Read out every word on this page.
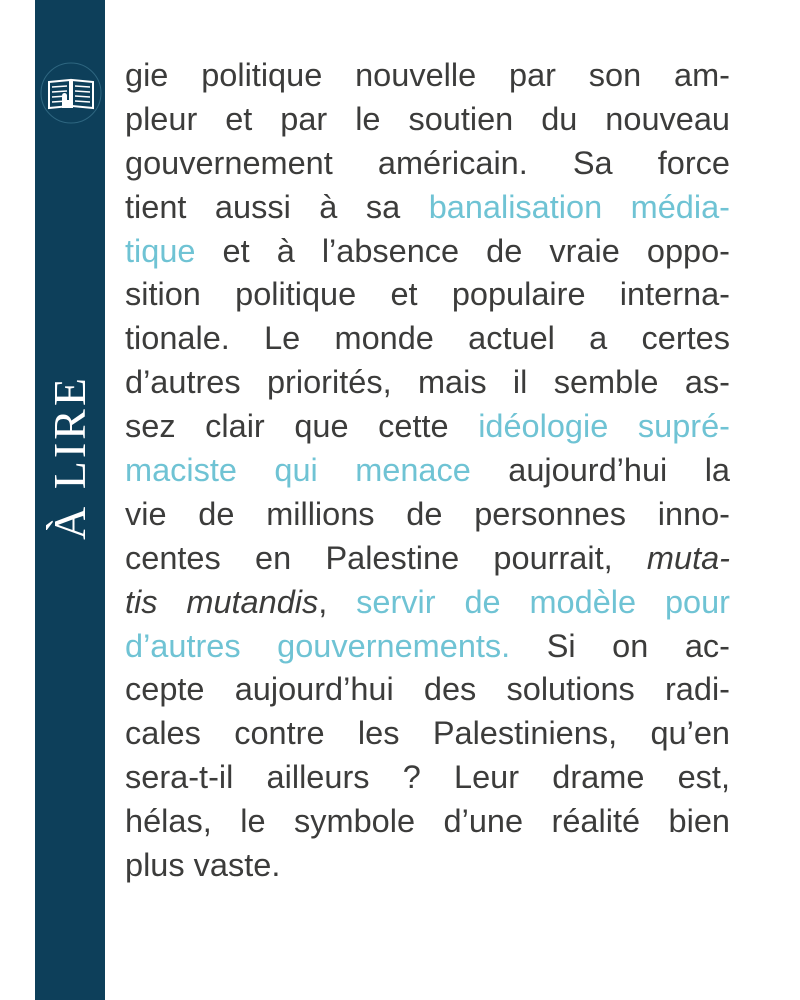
À LIRE
gie politique nouvelle par son am-
pleur et par le soutien du nouveau
gouvernement américain. Sa force
tient aussi à sa banalisation média-
tique et à l’absence de vraie oppo-
sition politique et populaire interna-
tionale. Le monde actuel a certes
d’autres priorités, mais il semble as-
sez clair que cette idéologie supré-
maciste qui menace aujourd’hui la
vie de millions de personnes inno-
centes en Palestine pourrait, muta-
tis mutandis, servir de modèle pour
d’autres gouvernements. Si on ac-
cepte aujourd’hui des solutions radi-
cales contre les Palestiniens, qu’en
sera-t-il ailleurs ? Leur drame est,
hélas, le symbole d’une réalité bien
plus vaste.
